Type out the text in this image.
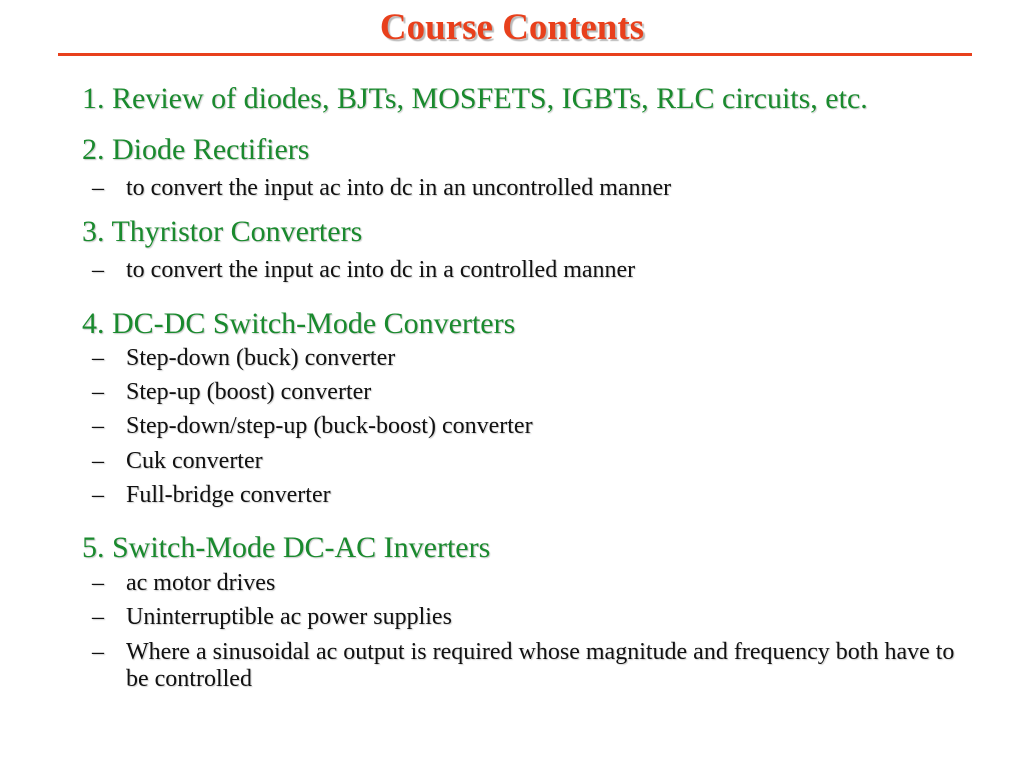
Course Contents
1. Review of diodes, BJTs, MOSFETS, IGBTs, RLC circuits, etc.
2. Diode Rectifiers
– to convert the input ac into dc in an uncontrolled manner
3. Thyristor Converters
– to convert the input ac into dc in a controlled manner
4. DC-DC Switch-Mode Converters
– Step-down (buck) converter
– Step-up (boost) converter
– Step-down/step-up (buck-boost) converter
– Cuk converter
– Full-bridge converter
5. Switch-Mode DC-AC Inverters
– ac motor drives
– Uninterruptible ac power supplies
– Where a sinusoidal ac output is required whose magnitude and frequency both have to be controlled
